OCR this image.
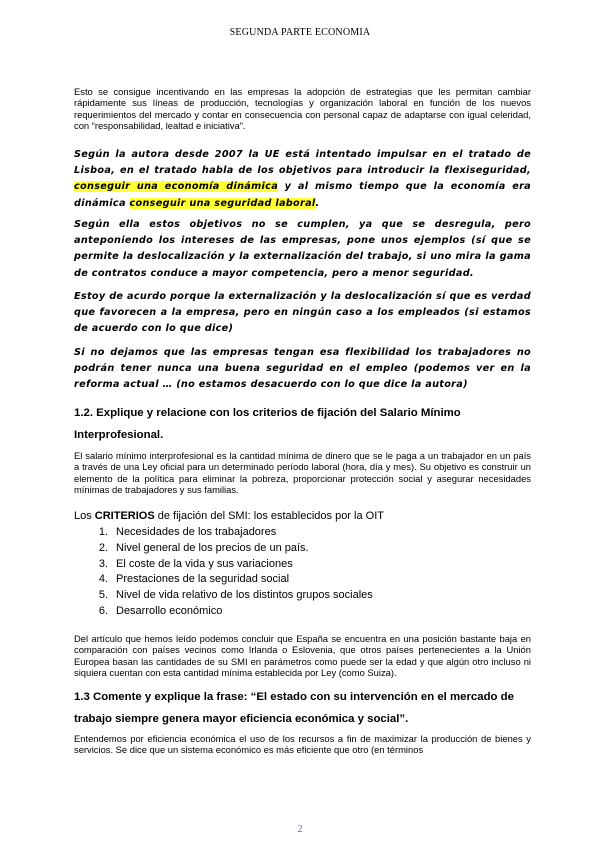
SEGUNDA PARTE ECONOMIA
Esto se consigue incentivando en las empresas la adopción de estrategias que les permitan cambiar rápidamente sus líneas de producción, tecnologías y organización laboral en función de los nuevos requerimientos del mercado y contar en consecuencia con personal capaz de adaptarse con igual celeridad, con “responsabilidad, lealtad e iniciativa”.
Según la autora desde 2007 la UE está intentado impulsar en el tratado de Lisboa, en el tratado habla de los objetivos para introducir la flexiseguridad, conseguir una economía dinámica y al mismo tiempo que la economía era dinámica conseguir una seguridad laboral.
Según ella estos objetivos no se cumplen, ya que se desregula, pero anteponiendo los intereses de las empresas, pone unos ejemplos (sí que se permite la deslocalización y la externalización del trabajo, si uno mira la gama de contratos conduce a mayor competencia, pero a menor seguridad.
Estoy de acurdo porque la externalización y la deslocalización sí que es verdad que favorecen a la empresa, pero en ningún caso a los empleados (si estamos de acuerdo con lo que dice)
Si no dejamos que las empresas tengan esa flexibilidad los trabajadores no podrán tener nunca una buena seguridad en el empleo (podemos ver en la reforma actual … (no estamos desacuerdo con lo que dice la autora)
1.2. Explique y relacione con los criterios de fijación del Salario Mínimo Interprofesional.
El salario mínimo interprofesional es la cantidad mínima de dinero que se le paga a un trabajador en un país a través de una Ley oficial para un determinado período laboral (hora, día y mes). Su objetivo es construir un elemento de la política para eliminar la pobreza, proporcionar protección social y asegurar necesidades mínimas de trabajadores y sus familias.
Los CRITERIOS de fijación del SMI: los establecidos por la OIT
1. Necesidades de los trabajadores
2. Nivel general de los precios de un país.
3. El coste de la vida y sus variaciones
4. Prestaciones de la seguridad social
5. Nivel de vida relativo de los distintos grupos sociales
6. Desarrollo económico
Del artículo que hemos leído podemos concluir que España se encuentra en una posición bastante baja en comparación con países vecinos como Irlanda o Eslovenia, que otros países pertenecientes a la Unión Europea basan las cantidades de su SMI en parámetros como puede ser la edad y que algún otro incluso ni siquiera cuentan con esta cantidad mínima establecida por Ley (como Suiza).
1.3 Comente y explique la frase: “El estado con su intervención en el mercado de trabajo siempre genera mayor eficiencia económica y social”.
Entendemos por eficiencia económica el uso de los recursos a fin de maximizar la producción de bienes y servicios. Se dice que un sistema económico es más eficiente que otro (en términos
2
